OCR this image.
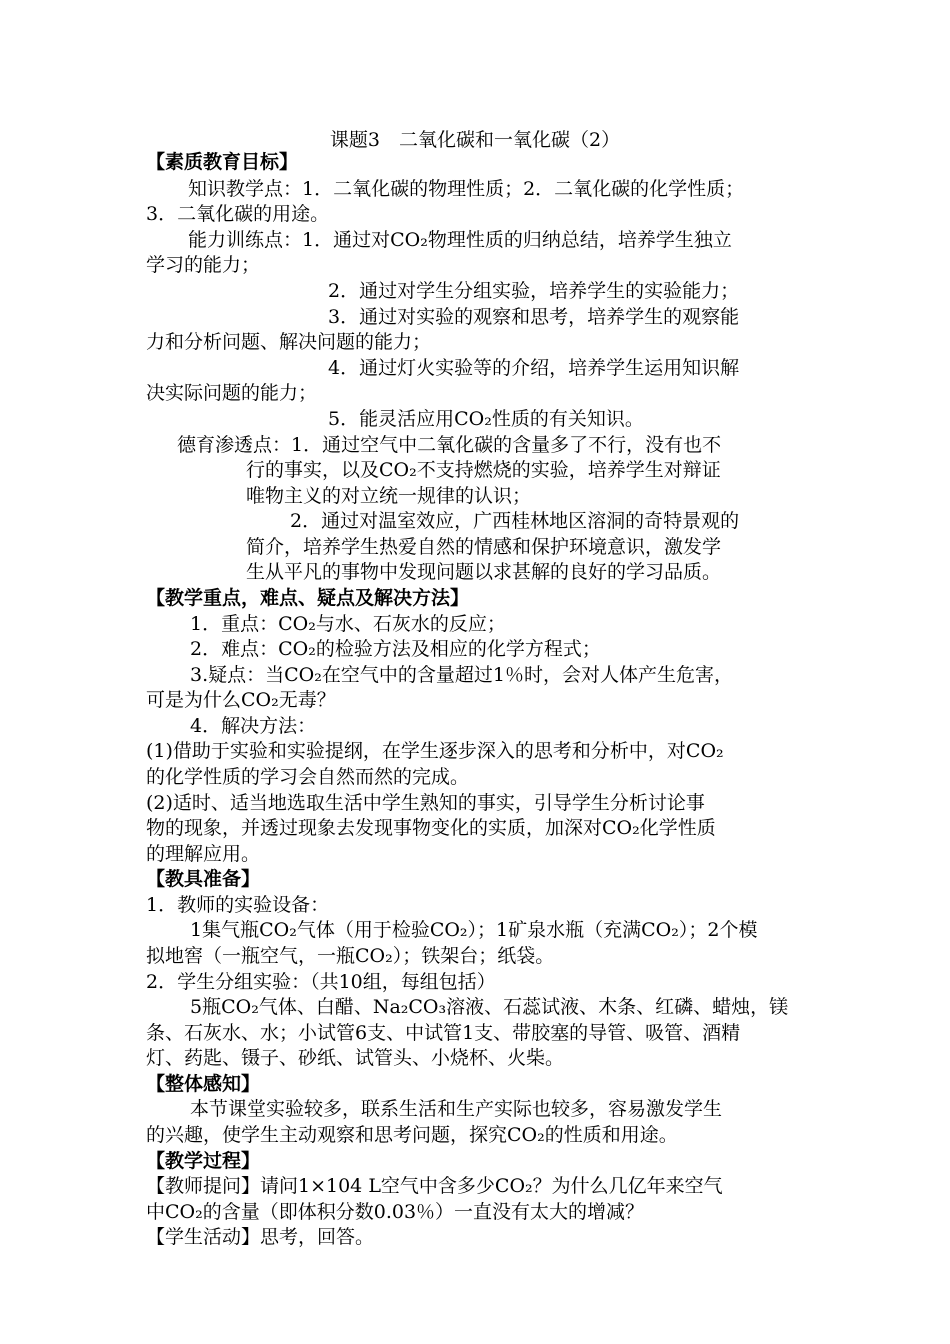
课题3　二氧化碳和一氧化碳（2）
【素质教育目标】
知识教学点：1．二氧化碳的物理性质；2．二氧化碳的化学性质；
3．二氧化碳的用途。
能力训练点：1．通过对CO₂物理性质的归纳总结，培养学生独立
学习的能力；
2．通过对学生分组实验，培养学生的实验能力；
3．通过对实验的观察和思考，培养学生的观察能
力和分析问题、解决问题的能力；
4．通过灯火实验等的介绍，培养学生运用知识解
决实际问题的能力；
5．能灵活应用CO₂性质的有关知识。
德育渗透点：1．通过空气中二氧化碳的含量多了不行，没有也不
行的事实，以及CO₂不支持燃烧的实验，培养学生对辩证
唯物主义的对立统一规律的认识；
2．通过对温室效应，广西桂林地区溶洞的奇特景观的
简介，培养学生热爱自然的情感和保护环境意识，激发学
生从平凡的事物中发现问题以求甚解的良好的学习品质。
【教学重点，难点、疑点及解决方法】
1．重点：CO₂与水、石灰水的反应；
2．难点：CO₂的检验方法及相应的化学方程式；
3.疑点：当CO₂在空气中的含量超过1％时，会对人体产生危害，
可是为什么CO₂无毒？
4．解决方法：
(1)借助于实验和实验提纲，在学生逐步深入的思考和分析中，对CO₂
的化学性质的学习会自然而然的完成。
(2)适时、适当地选取生活中学生熟知的事实，引导学生分析讨论事
物的现象，并透过现象去发现事物变化的实质，加深对CO₂化学性质
的理解应用。
【教具准备】
1．教师的实验设备：
1集气瓶CO₂气体（用于检验CO₂）；1矿泉水瓶（充满CO₂）；2个模
拟地窖（一瓶空气，一瓶CO₂）；铁架台；纸袋。
2．学生分组实验：（共10组，每组包括）
5瓶CO₂气体、白醋、Na₂CO₃溶液、石蕊试液、木条、红磷、蜡烛，镁
条、石灰水、水；小试管6支、中试管1支、带胶塞的导管、吸管、酒精
灯、药匙、镊子、砂纸、试管头、小烧杯、火柴。
【整体感知】
本节课堂实验较多，联系生活和生产实际也较多，容易激发学生
的兴趣，使学生主动观察和思考问题，探究CO₂的性质和用途。
【教学过程】
【教师提问】请问1×104 L空气中含多少CO₂？为什么几亿年来空气
中CO₂的含量（即体积分数0.03％）一直没有太大的增减？
【学生活动】思考，回答。
